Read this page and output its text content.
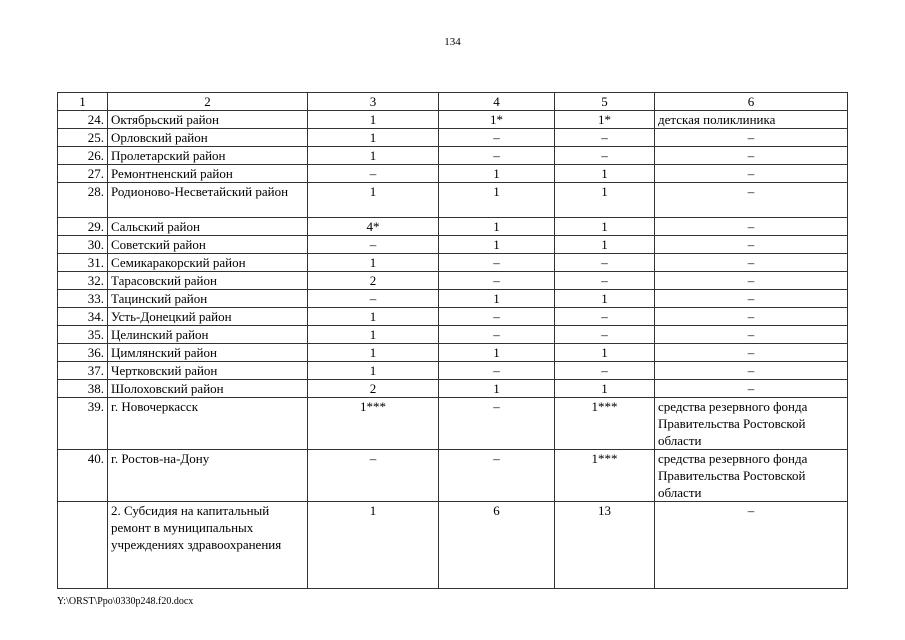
134
1	2	3	4	5	6
24.	Октябрьский район	1	1*	1*	детская поликлиника
25.	Орловский район	1	–	–	–
26.	Пролетарский район	1	–	–	–
27.	Ремонтненский район	–	1	1	–
28.	Родионово-Несветайский район	1	1	1	–
29.	Сальский район	4*	1	1	–
30.	Советский район	–	1	1	–
31.	Семикаракорский район	1	–	–	–
32.	Тарасовский район	2	–	–	–
33.	Тацинский район	–	1	1	–
34.	Усть-Донецкий район	1	–	–	–
35.	Целинский район	1	–	–	–
36.	Цимлянский район	1	1	1	–
37.	Чертковский район	1	–	–	–
38.	Шолоховский район	2	1	1	–
39.	г. Новочеркасск	1***	–	1***	средства резервного фонда Правительства Ростовской области
40.	г. Ростов-на-Дону	–	–	1***	средства резервного фонда Правительства Ростовской области
	2. Субсидия на капитальный ремонт в муниципальных учреждениях здравоохранения	1	6	13	–
Y:\ORST\Ppo\0330p248.f20.docx
